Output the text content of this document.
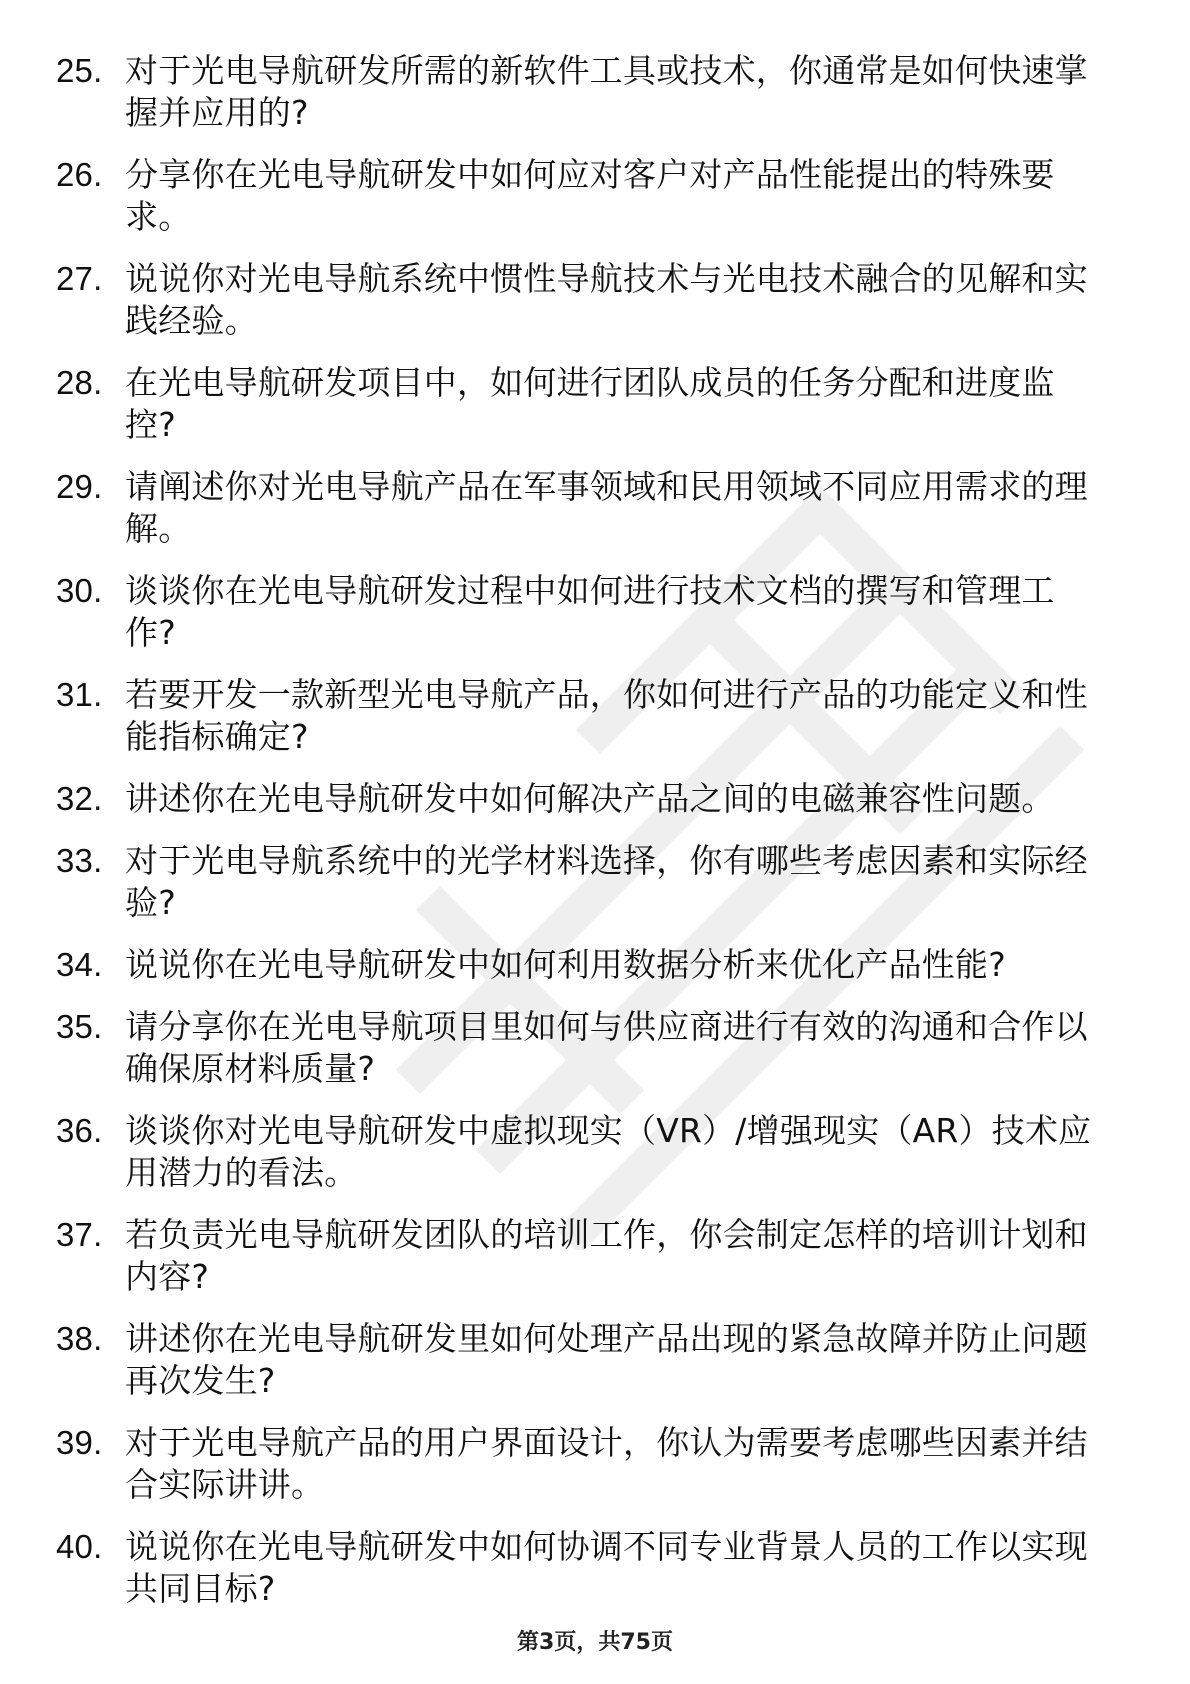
25. 对于光电导航研发所需的新软件工具或技术，你通常是如何快速掌握并应用的?
26. 分享你在光电导航研发中如何应对客户对产品性能提出的特殊要求。
27. 说说你对光电导航系统中惯性导航技术与光电技术融合的见解和实践经验。
28. 在光电导航研发项目中，如何进行团队成员的任务分配和进度监控?
29. 请阐述你对光电导航产品在军事领域和民用领域不同应用需求的理解。
30. 谈谈你在光电导航研发过程中如何进行技术文档的撰写和管理工作?
31. 若要开发一款新型光电导航产品，你如何进行产品的功能定义和性能指标确定?
32. 讲述你在光电导航研发中如何解决产品之间的电磁兼容性问题。
33. 对于光电导航系统中的光学材料选择，你有哪些考虑因素和实际经验?
34. 说说你在光电导航研发中如何利用数据分析来优化产品性能?
35. 请分享你在光电导航项目里如何与供应商进行有效的沟通和合作以确保原材料质量?
36. 谈谈你对光电导航研发中虚拟现实（VR）/增强现实（AR）技术应用潜力的看法。
37. 若负责光电导航研发团队的培训工作，你会制定怎样的培训计划和内容?
38. 讲述你在光电导航研发里如何处理产品出现的紧急故障并防止问题再次发生?
39. 对于光电导航产品的用户界面设计，你认为需要考虑哪些因素并结合实际讲讲。
40. 说说你在光电导航研发中如何协调不同专业背景人员的工作以实现共同目标?
第3页，共75页
